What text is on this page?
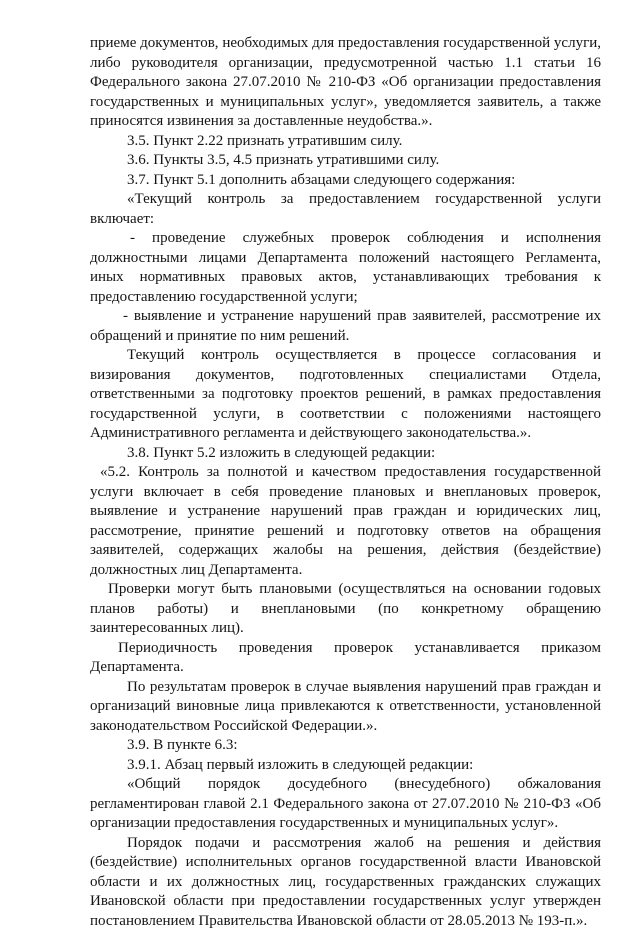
приеме документов, необходимых для предоставления государственной услуги, либо руководителя организации, предусмотренной частью 1.1 статьи 16 Федерального закона 27.07.2010 № 210-ФЗ «Об организации предоставления государственных и муниципальных услуг», уведомляется заявитель, а также приносятся извинения за доставленные неудобства.».

3.5. Пункт 2.22 признать утратившим силу.

3.6. Пункты 3.5, 4.5 признать утратившими силу.

3.7. Пункт 5.1 дополнить абзацами следующего содержания:

«Текущий контроль за предоставлением государственной услуги включает:

- проведение служебных проверок соблюдения и исполнения должностными лицами Департамента положений настоящего Регламента, иных нормативных правовых актов, устанавливающих требования к предоставлению государственной услуги;

- выявление и устранение нарушений прав заявителей, рассмотрение их обращений и принятие по ним решений.

Текущий контроль осуществляется в процессе согласования и визирования документов, подготовленных специалистами Отдела, ответственными за подготовку проектов решений, в рамках предоставления государственной услуги, в соответствии с положениями настоящего Административного регламента и действующего законодательства.».

3.8. Пункт 5.2 изложить в следующей редакции:

«5.2. Контроль за полнотой и качеством предоставления государственной услуги включает в себя проведение плановых и внеплановых проверок, выявление и устранение нарушений прав граждан и юридических лиц, рассмотрение, принятие решений и подготовку ответов на обращения заявителей, содержащих жалобы на решения, действия (бездействие) должностных лиц Департамента.

Проверки могут быть плановыми (осуществляться на основании годовых планов работы) и внеплановыми (по конкретному обращению заинтересованных лиц).

Периодичность проведения проверок устанавливается приказом Департамента.

По результатам проверок в случае выявления нарушений прав граждан и организаций виновные лица привлекаются к ответственности, установленной законодательством Российской Федерации.».

3.9. В пункте 6.3:

3.9.1. Абзац первый изложить в следующей редакции:

«Общий порядок досудебного (внесудебного) обжалования регламентирован главой 2.1 Федерального закона от 27.07.2010 № 210-ФЗ «Об организации предоставления государственных и муниципальных услуг».

Порядок подачи и рассмотрения жалоб на решения и действия (бездействие) исполнительных органов государственной власти Ивановской области и их должностных лиц, государственных гражданских служащих Ивановской области при предоставлении государственных услуг утвержден постановлением Правительства Ивановской области от 28.05.2013 № 193-п.».
